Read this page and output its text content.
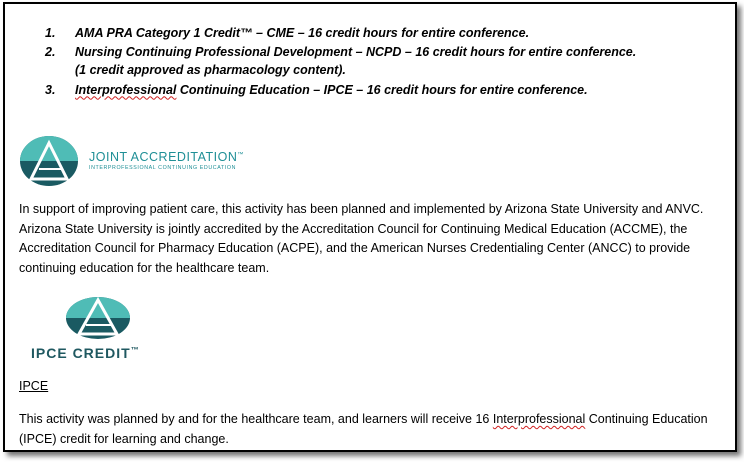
1. AMA PRA Category 1 Credit™ – CME – 16 credit hours for entire conference.
2. Nursing Continuing Professional Development – NCPD – 16 credit hours for entire conference.
(1 credit approved as pharmacology content).
3. Interprofessional Continuing Education – IPCE – 16 credit hours for entire conference.
JOINT ACCREDITATION™
INTERPROFESSIONAL CONTINUING EDUCATION

In support of improving patient care, this activity has been planned and implemented by Arizona State University and ANVC. Arizona State University is jointly accredited by the Accreditation Council for Continuing Medical Education (ACCME), the Accreditation Council for Pharmacy Education (ACPE), and the American Nurses Credentialing Center (ANCC) to provide continuing education for the healthcare team.

IPCE CREDIT™
IPCE

This activity was planned by and for the healthcare team, and learners will receive 16 Interprofessional Continuing Education (IPCE) credit for learning and change.
